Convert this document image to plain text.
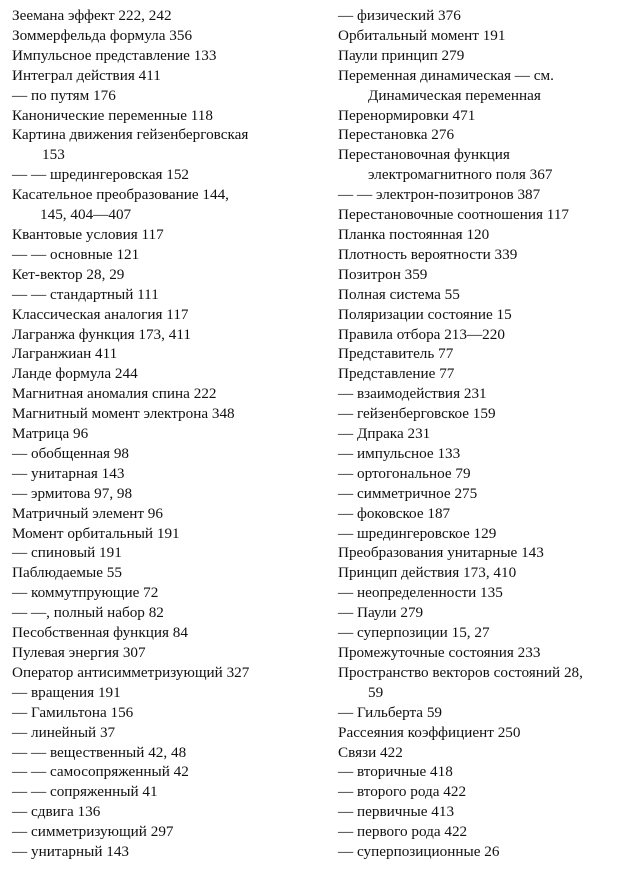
Зеемана эффект 222, 242
Зоммерфельда формула 356
Импульсное представление 133
Интеграл действия 411
— по путям 176
Канонические переменные 118
Картина движения гейзенберговская
153
— — шредингеровская 152
Касательное преобразование 144,
145, 404—407
Квантовые условия 117
— — основные 121
Кет-вектор 28, 29
— — стандартный 111
Классическая аналогия 117
Лагранжа функция 173, 411
Лагранжиан 411
Ланде формула 244
Магнитная аномалия спина 222
Магнитный момент электрона 348
Матрица 96
— обобщенная 98
— унитарная 143
— эрмитова 97, 98
Матричный элемент 96
Момент орбитальный 191
— спиновый 191
Паблюдаемые 55
— коммутпрующие 72
— —, полный набор 82
Песобственная функция 84
Пулевая энергия 307
Оператор антисимметризующий 327
— вращения 191
— Гамильтона 156
— линейный 37
— — вещественный 42, 48
— — самосопряженный 42
— — сопряженный 41
— сдвига 136
— симметризующий 297
— унитарный 143
— физический 376
Орбитальный момент 191
Паули принцип 279
Переменная динамическая — см.
Динамическая переменная
Перенормировки 471
Перестановка 276
Перестановочная функция
электромагнитного поля 367
— — электрон-позитронов 387
Перестановочные соотношения 117
Планка постоянная 120
Плотность вероятности 339
Позитрон 359
Полная система 55
Поляризации состояние 15
Правила отбора 213—220
Представитель 77
Представление 77
— взаимодействия 231
— гейзенберговское 159
— Дпрака 231
— импульсное 133
— ортогональное 79
— симметричное 275
— фоковское 187
— шредингеровское 129
Преобразования унитарные 143
Принцип действия 173, 410
— неопределенности 135
— Паули 279
— суперпозиции 15, 27
Промежуточные состояния 233
Пространство векторов состояний 28,
59
— Гильберта 59
Рассеяния коэффициент 250
Связи 422
— вторичные 418
— второго рода 422
— первичные 413
— первого рода 422
— суперпозиционные 26
